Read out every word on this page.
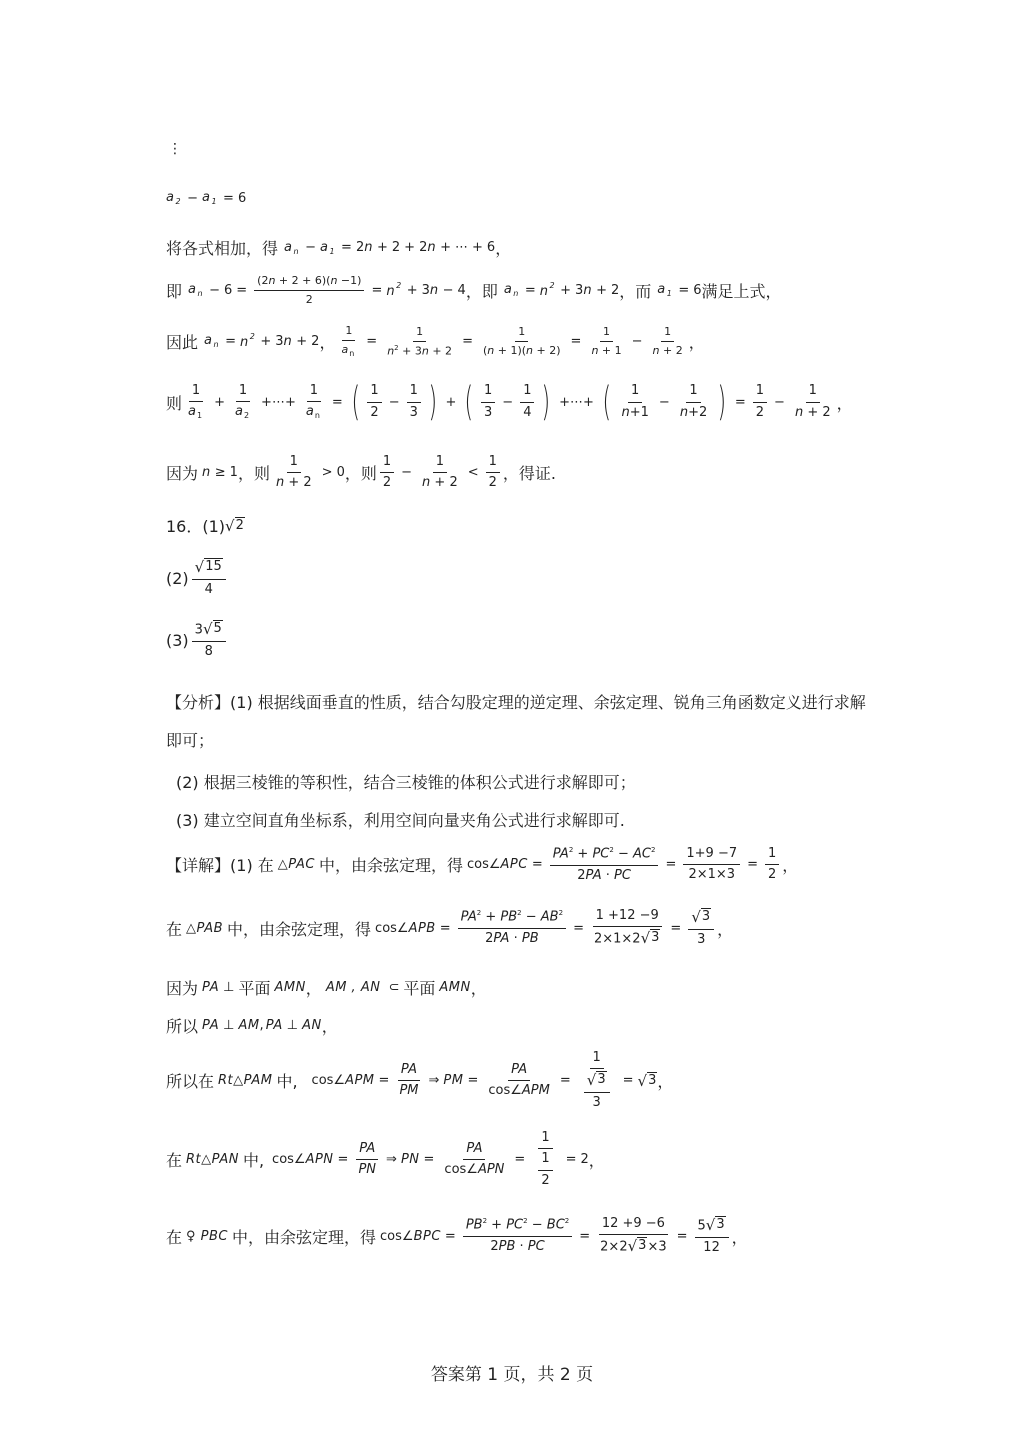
⋮
$a_2 - a_1 = 6$
将各式相加，得 $a_n - a_1 = 2$ n + 2 + 2 n + ⋯ + 6 ，
即 $a_n - 6 = \frac{(2n + 2 + 6)(n -1)}{2} = n^2 + 3$ n − 4 ，即 $a_n = n^2 + 3$ n + 2 ，而 $a_1 = 6$ 满足上式，
因此 $a_n = n^2 + 3$ n + 2 ， $\frac{1}{a_n} = \frac{1}{n^2 + 3n + 2} = \frac{1}{(n + 1)(n + 2)} = \frac{1}{n + 1} - \frac{1}{n + 2}$ ，
则 $\frac{1}{a_1} + \frac{1}{a_2}$ +⋯+ $\frac{1}{a_n}$ = ( $\frac{1}{2} - \frac{1}{3}$ ) + ( $\frac{1}{3} - \frac{1}{4}$ ) +⋯+ ( $\frac{1}{n+1} - \frac{1}{n+2}$ ) = $\frac{1}{2} - \frac{1}{n + 2}$ ，
因为 n ≥ 1 ，则 $\frac{1}{n + 2} > 0$ ，则 $\frac{1}{2} - \frac{1}{n + 2} < \frac{1}{2}$ ，得证.
16．(1) √ 2
$(2) \frac{√ 15}{4}$
$(3) \frac{3 √ 5}{8}$
【分析】(1) 根据线面垂直的性质，结合勾股定理的逆定理、余弦定理、锐角三角函数定义进行求解即可；
(2) 根据三棱锥的等积性，结合三棱锥的体积公式进行求解即可；
(3) 建立空间直角坐标系，利用空间向量夹角公式进行求解即可.
【详解】 (1) 在 △PAC 中，由余弦定理，得 cos∠ APC = $\frac{PA^2 + PC^2 - AC^2}{2PA \cdot PC} = \frac{1+9 -7}{2\times 1\times 3} = \frac{1}{2}$ ，
在 △PAB 中，由余弦定理，得 cos∠ APB = $\frac{PA^2 + PB^2 - AB^2}{2PA \cdot PB} = \frac{1 +12 -9}{2\times 1\times 2 √ 3} = \frac{√ 3}{3}$ ，
因为 PA ⊥ 平面 AMN ， AM , AN ⊂ 平面 AMN ，
所以 PA ⊥ AM , PA ⊥ AN ，
所以在 Rt△PAM 中, cos∠ APM = $\frac{PA}{PM}$ ⇒ PM = $\frac{PA}{\text{cos∠APM}} = \frac{1}{\frac{√ 3}{3}}$ = √ 3 ，
在 Rt△PAN 中, cos∠ APN = $\frac{PA}{PN}$ ⇒ PN = $\frac{PA}{\text{cos∠APN}} = \frac{1}{\frac{1}{2}} = 2$ ，
在 ♀ PBC 中，由余弦定理，得 cos∠ BPC = $\frac{PB^2 + PC^2 - BC^2}{2PB \cdot PC} = \frac{12 +9 -6}{2\times 2 √ 3 \times 3} = \frac{5 √ 3}{12}$ ，
答案第 1 页，共 2 页
